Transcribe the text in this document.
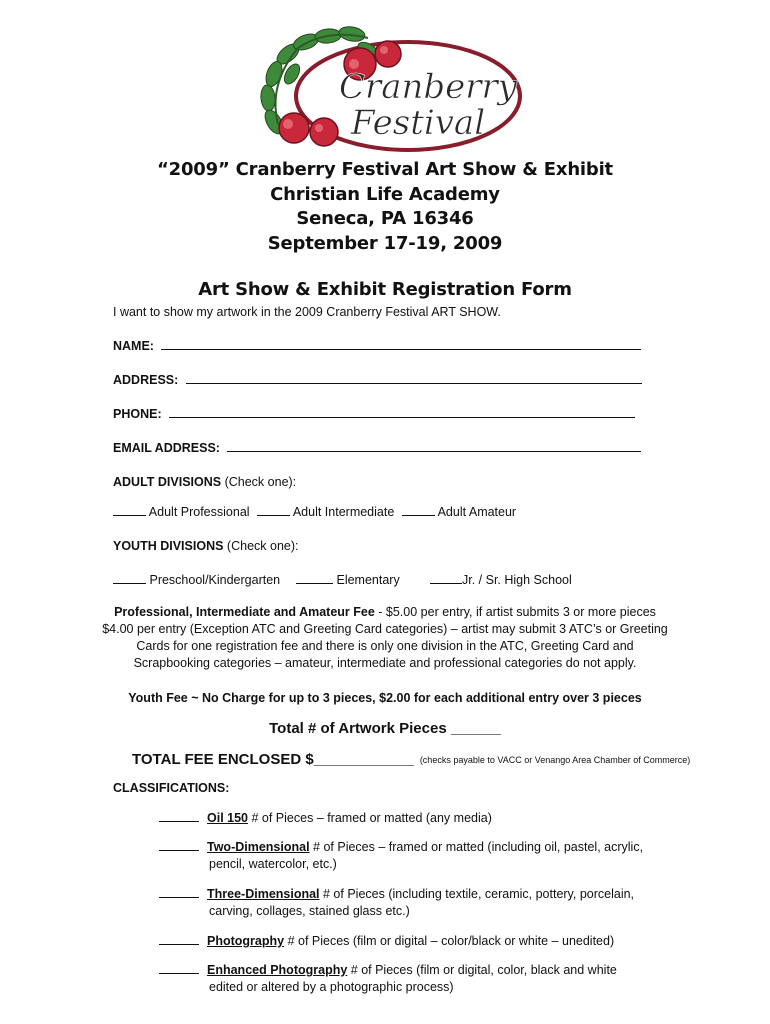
Cranberry
Festival
“2009” Cranberry Festival Art Show & Exhibit
Christian Life Academy
Seneca, PA 16346
September 17-19, 2009
Art Show & Exhibit Registration Form
I want to show my artwork in the 2009 Cranberry Festival ART SHOW.
NAME:
ADDRESS:
PHONE:
EMAIL ADDRESS:
ADULT DIVISIONS (Check one):
Adult Professional	Adult Intermediate	Adult Amateur
YOUTH DIVISIONS (Check one):
Preschool/Kindergarten	Elementary	Jr. / Sr. High School
Professional, Intermediate and Amateur Fee - $5.00 per entry, if artist submits 3 or more pieces
$4.00 per entry (Exception ATC and Greeting Card categories) – artist may submit 3 ATC’s or Greeting
Cards for one registration fee and there is only one division in the ATC, Greeting Card and
Scrapbooking categories – amateur, intermediate and professional categories do not apply.
Youth Fee ~ No Charge for up to 3 pieces, $2.00 for each additional entry over 3 pieces
Total # of Artwork Pieces ______
TOTAL FEE ENCLOSED $____________ (checks payable to VACC or Venango Area Chamber of Commerce)
CLASSIFICATIONS:
Oil 150 # of Pieces – framed or matted (any media)
Two-Dimensional # of Pieces – framed or matted (including oil, pastel, acrylic,
pencil, watercolor, etc.)
Three-Dimensional # of Pieces (including textile, ceramic, pottery, porcelain,
carving, collages, stained glass etc.)
Photography # of Pieces (film or digital – color/black or white – unedited)
Enhanced Photography # of Pieces (film or digital, color, black and white
edited or altered by a photographic process)
